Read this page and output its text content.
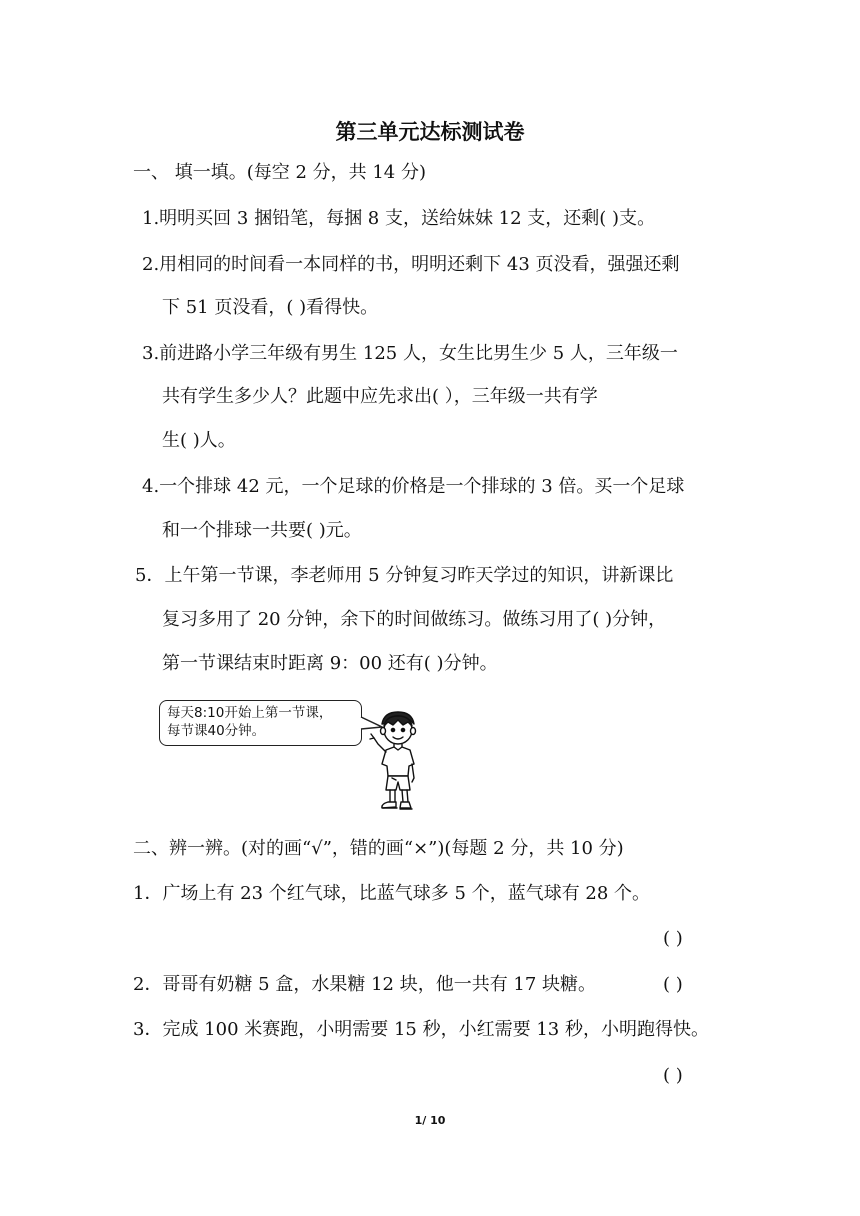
第三单元达标测试卷
一、 填一填。(每空 2 分，共 14 分)
1.明明买回 3 捆铅笔，每捆 8 支，送给妹妹 12 支，还剩( )支。
2.用相同的时间看一本同样的书，明明还剩下 43 页没看，强强还剩
下 51 页没看，( )看得快。
3.前进路小学三年级有男生 125 人，女生比男生少 5 人，三年级一
共有学生多少人？此题中应先求出( ），三年级一共有学
生( )人。
4.一个排球 42 元，一个足球的价格是一个排球的 3 倍。买一个足球
和一个排球一共要( )元。
5．上午第一节课，李老师用 5 分钟复习昨天学过的知识，讲新课比
复习多用了 20 分钟，余下的时间做练习。做练习用了( )分钟，
第一节课结束时距离 9：00 还有( )分钟。
每天8:10开始上第一节课，
每节课40分钟。
二、辨一辨。(对的画“√”，错的画“×”)(每题 2 分，共 10 分)
1．广场上有 23 个红气球，比蓝气球多 5 个，蓝气球有 28 个。
( )
2．哥哥有奶糖 5 盒，水果糖 12 块，他一共有 17 块糖。	( )
3．完成 100 米赛跑，小明需要 15 秒，小红需要 13 秒，小明跑得快。
( )
1/ 10
